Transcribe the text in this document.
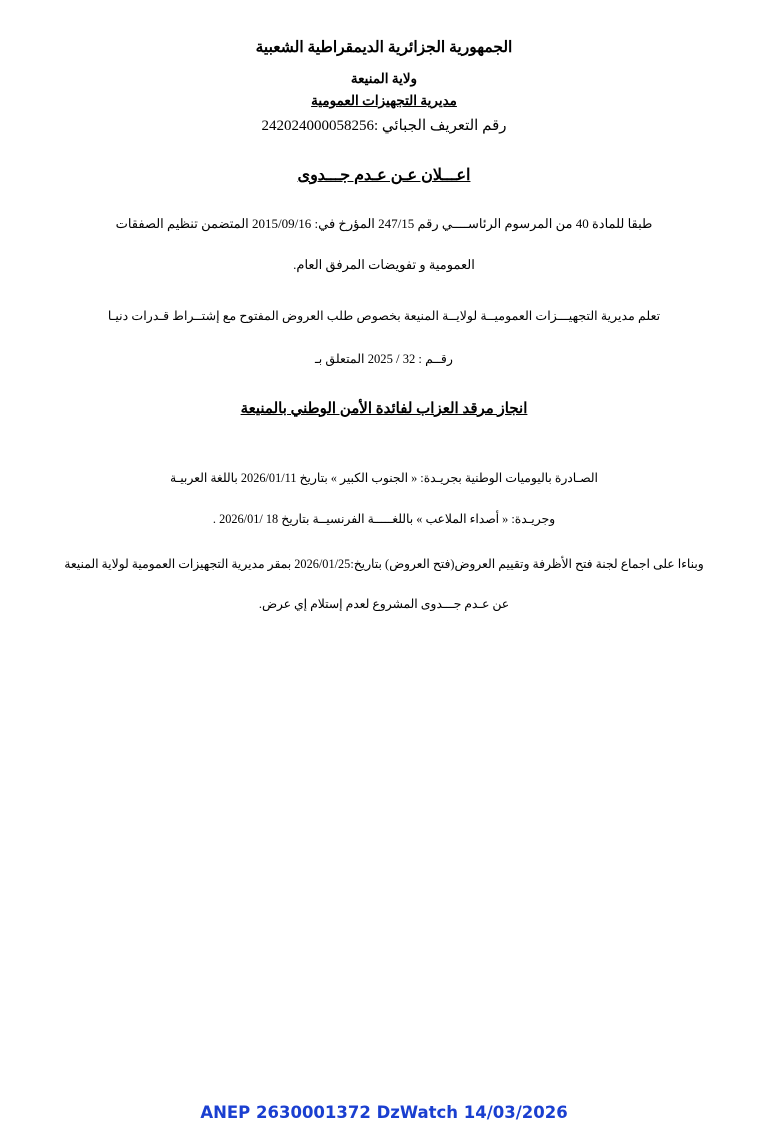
الجمهورية الجزائرية الديمقراطية الشعبية
ولاية المنيعة
مديرية التجهيزات العمومية
رقم التعريف الجبائي :242024000058256
اعـــلان عـن عـدم جـــدوى
طبقا للمادة 40 من المرسوم الرئاســــي رقم 247/15 المؤرخ في: 2015/09/16 المتضمن تنظيم الصفقات
العمومية و تفويضات المرفق العام.
تعلم مديرية التجهيـــزات العموميــة لولايــة المنيعة بخصوص طلب العروض المفتوح مع إشتــراط قـدرات دنيـا
رقــم : 32 / 2025 المتعلق بـ
انجاز مرقد العزاب لفائدة الأمن الوطني بالمنيعة
الصـادرة باليوميات الوطنية بجريـدة: « الجنوب الكبير » بتاريخ 2026/01/11 باللغة العربيـة
وجريـدة: « أصداء الملاعب » باللغـــــة الفرنسيــة بتاريخ 18 /2026/01 .
وبناءا على اجماع لجنة فتح الأظرفة وتقييم العروض(فتح العروض) بتاريخ:2026/01/25 بمقر مديرية التجهيزات العمومية لولاية المنيعة
عن عـدم جـــدوى المشروع لعدم إستلام إي عرض.
ANEP 2630001372 DzWatch 14/03/2026
